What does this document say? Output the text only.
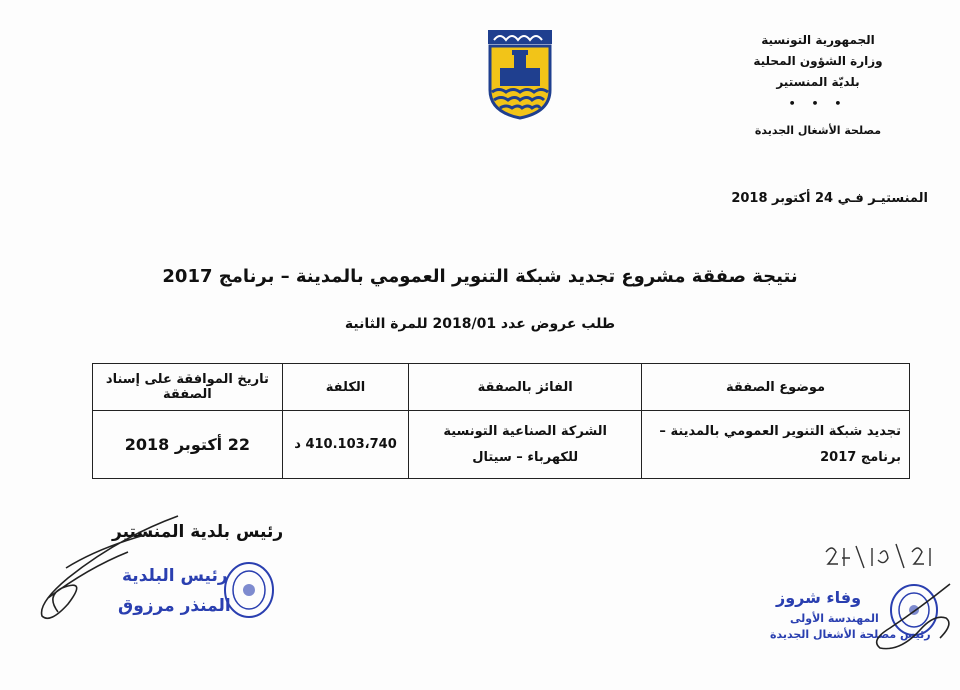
الجمهورية التونسية
وزارة الشؤون المحلية
بلديّة المنستير
• • •
مصلحة الأشغال الجديدة
المنستيـر فـي 24 أكتوبر 2018
نتيجة صفقة مشروع تجديد شبكة التنوير العمومي بالمدينة – برنامج 2017
طلب عروض عدد 2018/01 للمرة الثانية
موضوع الصفقة	الفائز بالصفقة	الكلفة	تاريخ الموافقة على إسناد الصفقة
تجديد شبكة التنوير العمومي بالمدينة – برنامج 2017	الشركة الصناعية التونسية للكهرباء – سيتال	410.103،740 د	22 أكتوبر 2018
رئيس بلدية المنستير
رئيس البلدية
المنذر مرزوق	وفاء شروز
المهندسة الأولى
رئيس مصلحة الأشغال الجديدة
